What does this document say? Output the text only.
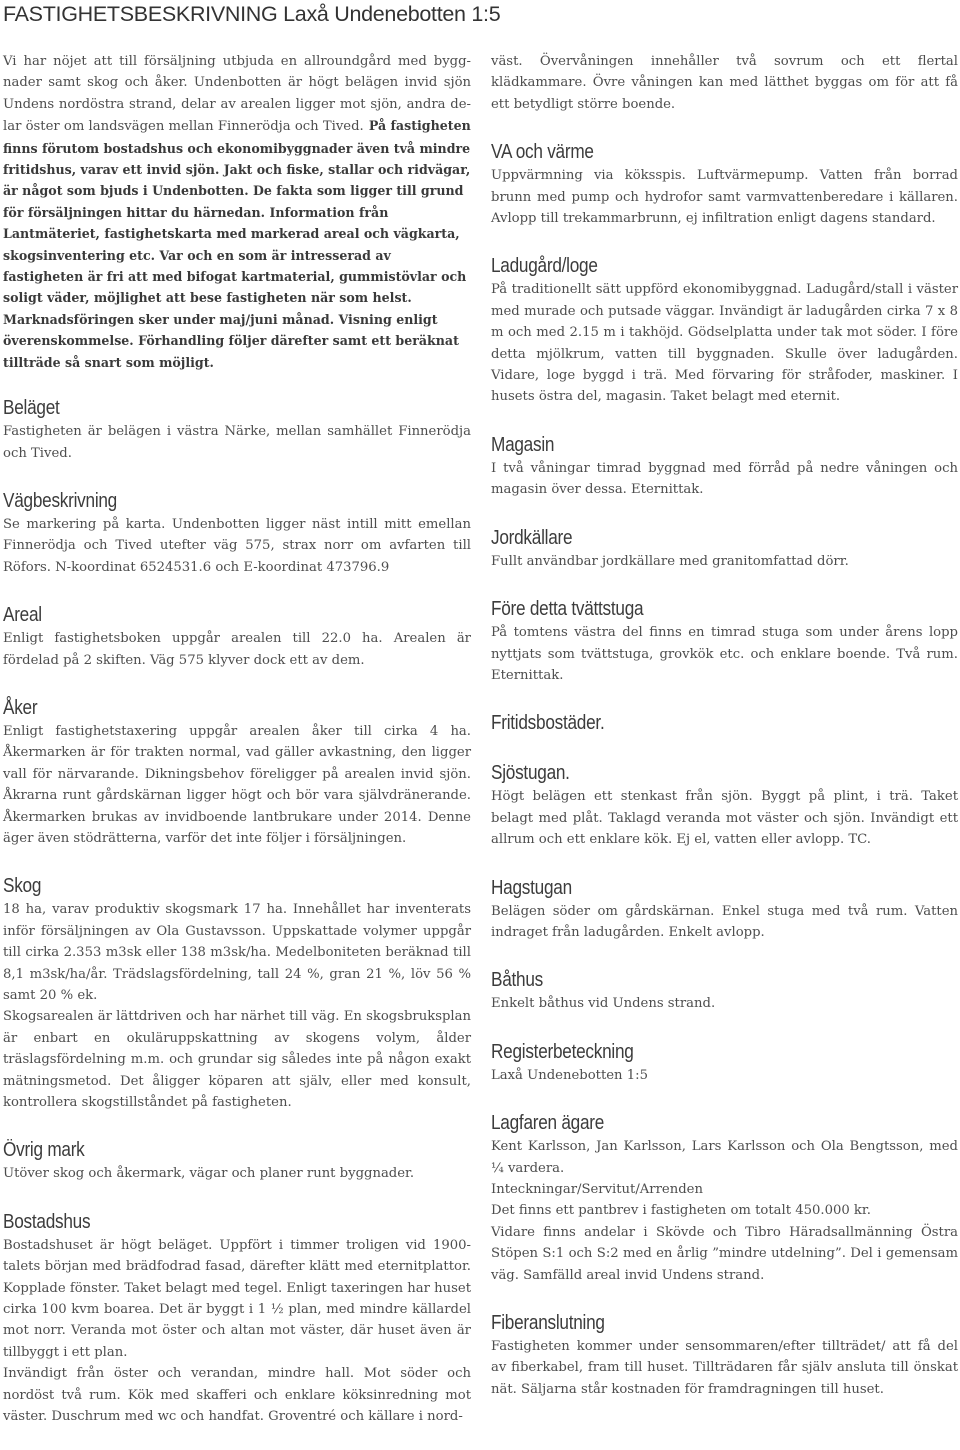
FASTIGHETSBESKRIVNING Laxå Undenebotten 1:5

Vi har nöjet att till försäljning utbjuda en allroundgård med bygg-

nader samt skog och åker. Undenbotten är högt belägen invid sjön

Undens nordöstra strand, delar av arealen ligger mot sjön, andra de-

lar öster om landsvägen mellan Finnerödja och Tived.

På fastigheten finns förutom bostadshus och ekonomibyggnader även två mindre fritidshus, varav ett invid sjön. Jakt och fiske, stallar och ridvägar, är något som bjuds i Undenbotten. De fakta som ligger till grund för försäljningen hittar du härnedan. Information från Lantmäteriet, fastighetskarta med markerad areal och vägkarta, skogsinventering etc. Var och en som är intresserad av fastigheten är fri att med bifogat kartmaterial, gummistövlar och soligt väder, möjlighet att bese fastigheten när som helst. Marknadsföringen sker under maj/juni månad. Visning enligt överenskommelse. Förhandling följer därefter samt ett beräknat tillträde så snart som möjligt.

Beläget

Fastigheten är belägen i västra Närke, mellan samhället Finnerödja och Tived.

Vägbeskrivning

Se markering på karta. Undenbotten ligger näst intill mitt emellan Finnerödja och Tived utefter väg 575, strax norr om avfarten till Röfors. N-koordinat 6524531.6 och E-koordinat 473796.9

Areal

Enligt fastighetsboken uppgår arealen till 22.0 ha. Arealen är fördelad på 2 skiften. Väg 575 klyver dock ett av dem.

Åker

Enligt fastighetstaxering uppgår arealen åker till cirka 4 ha. Åkermarken är för trakten normal, vad gäller avkastning, den ligger vall för närvarande. Dikningsbehov föreligger på arealen invid sjön. Åkrarna runt gårdskärnan ligger högt och bör vara självdränerande. Åkermarken brukas av invidboende lantbrukare under 2014. Denne äger även stödrätterna, varför det inte följer i försäljningen.

Skog

18 ha, varav produktiv skogsmark 17 ha. Innehållet har inventerats inför försäljningen av Ola Gustavsson. Uppskattade volymer uppgår till cirka 2.353 m3sk eller 138 m3sk/ha. Medelboniteten beräknad till 8,1 m3sk/ha/år. Trädslagsfördelning, tall 24 %, gran 21 %, löv 56 % samt 20 % ek.

Skogsarealen är lättdriven och har närhet till väg. En skogsbruksplan är enbart en okuläruppskattning av skogens volym, ålder träslagsfördelning m.m. och grundar sig således inte på någon exakt mätningsmetod. Det åligger köparen att själv, eller med konsult, kontrollera skogstillståndet på fastigheten.

Övrig mark

Utöver skog och åkermark, vägar och planer runt byggnader.

Bostadshus

Bostadshuset är högt beläget. Uppfört i timmer troligen vid 1900-talets början med brädfodrad fasad, därefter klätt med eternitplattor. Kopplade fönster. Taket belagt med tegel. Enligt taxeringen har huset cirka 100 kvm boarea. Det är byggt i 1 ½ plan, med mindre källardel mot norr. Veranda mot öster och altan mot väster, där huset även är tillbyggt i ett plan.

Invändigt från öster och verandan, mindre hall. Mot söder och nordöst två rum. Kök med skafferi och enklare köksinredning mot väster. Duschrum med wc och handfat. Groventré och källare i nord-

väst. Övervåningen innehåller två sovrum och ett flertal klädkammare. Övre våningen kan med lätthet byggas om för att få ett betydligt större boende.

VA och värme

Uppvärmning via köksspis. Luftvärmepump. Vatten från borrad brunn med pump och hydrofor samt varmvattenberedare i källaren. Avlopp till trekammarbrunn, ej infiltration enligt dagens standard.

Ladugård/loge

På traditionellt sätt uppförd ekonomibyggnad. Ladugård/stall i väster med murade och putsade väggar. Invändigt är ladugården cirka 7 x 8 m och med 2.15 m i takhöjd. Gödselplatta under tak mot söder. I före detta mjölkrum, vatten till byggnaden. Skulle över ladugården. Vidare, loge byggd i trä. Med förvaring för stråfoder, maskiner. I husets östra del, magasin. Taket belagt med eternit.

Magasin

I två våningar timrad byggnad med förråd på nedre våningen och magasin över dessa. Eternittak.

Jordkällare

Fullt användbar jordkällare med granitomfattad dörr.

Före detta tvättstuga

På tomtens västra del finns en timrad stuga som under årens lopp nyttjats som tvättstuga, grovkök etc. och enklare boende. Två rum. Eternittak.

Fritidsbostäder.
Sjöstugan.

Högt belägen ett stenkast från sjön. Byggt på plint, i trä. Taket belagt med plåt. Taklagd veranda mot väster och sjön. Invändigt ett allrum och ett enklare kök. Ej el, vatten eller avlopp. TC.

Hagstugan

Belägen söder om gårdskärnan. Enkel stuga med två rum. Vatten indraget från ladugården. Enkelt avlopp.

Båthus

Enkelt båthus vid Undens strand.

Registerbeteckning

Laxå Undenebotten 1:5

Lagfaren ägare

Kent Karlsson, Jan Karlsson, Lars Karlsson och Ola Bengtsson, med ¼ vardera.

Inteckningar/Servitut/Arrenden

Det finns ett pantbrev i fastigheten om totalt 450.000 kr.

Vidare finns andelar i Skövde och Tibro Häradsallmänning Östra Stöpen S:1 och S:2 med en årlig ”mindre utdelning”. Del i gemensam väg. Samfälld areal invid Undens strand.

Fiberanslutning

Fastigheten kommer under sensommaren/efter tillträdet/ att få del av fiberkabel, fram till huset. Tillträdaren får själv ansluta till önskat nät. Säljarna står kostnaden för framdragningen till huset.
